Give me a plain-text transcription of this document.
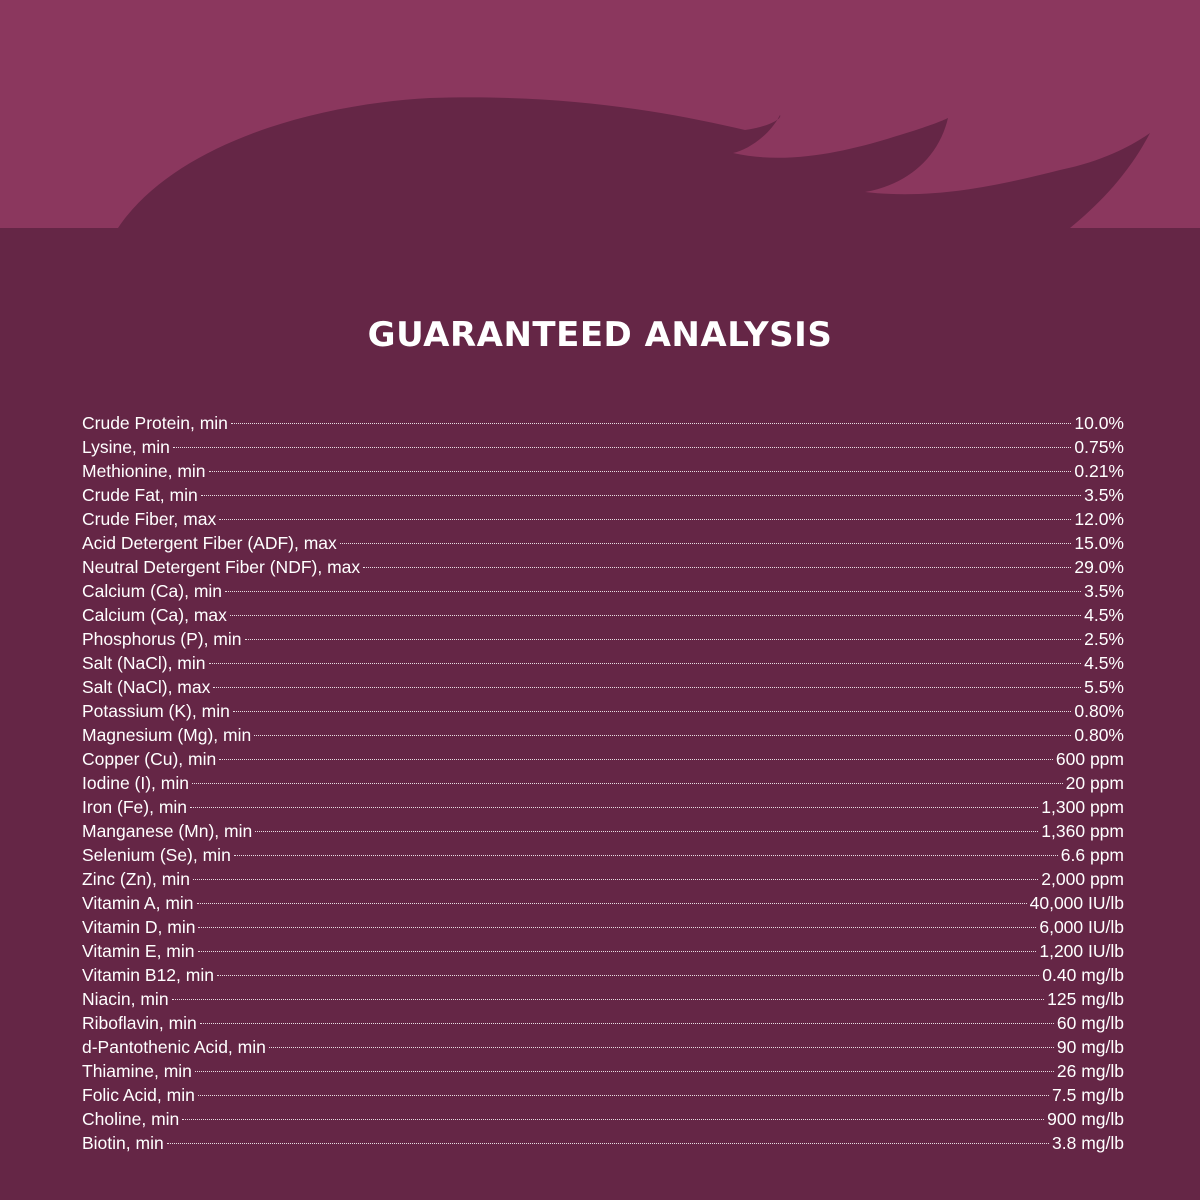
GUARANTEED ANALYSIS
Crude Protein, min	10.0%
Lysine, min	0.75%
Methionine, min	0.21%
Crude Fat, min	3.5%
Crude Fiber, max	12.0%
Acid Detergent Fiber (ADF), max	15.0%
Neutral Detergent Fiber (NDF), max	29.0%
Calcium (Ca), min	3.5%
Calcium (Ca), max	4.5%
Phosphorus (P), min	2.5%
Salt (NaCl), min	4.5%
Salt (NaCl), max	5.5%
Potassium (K), min	0.80%
Magnesium (Mg), min	0.80%
Copper (Cu), min	600 ppm
Iodine (I), min	20 ppm
Iron (Fe), min	1,300 ppm
Manganese (Mn), min	1,360 ppm
Selenium (Se), min	6.6 ppm
Zinc (Zn), min	2,000 ppm
Vitamin A, min	40,000 IU/lb
Vitamin D, min	6,000 IU/lb
Vitamin E, min	1,200 IU/lb
Vitamin B12, min	0.40 mg/lb
Niacin, min	125 mg/lb
Riboflavin, min	60 mg/lb
d-Pantothenic Acid, min	90 mg/lb
Thiamine, min	26 mg/lb
Folic Acid, min	7.5 mg/lb
Choline, min	900 mg/lb
Biotin, min	3.8 mg/lb
